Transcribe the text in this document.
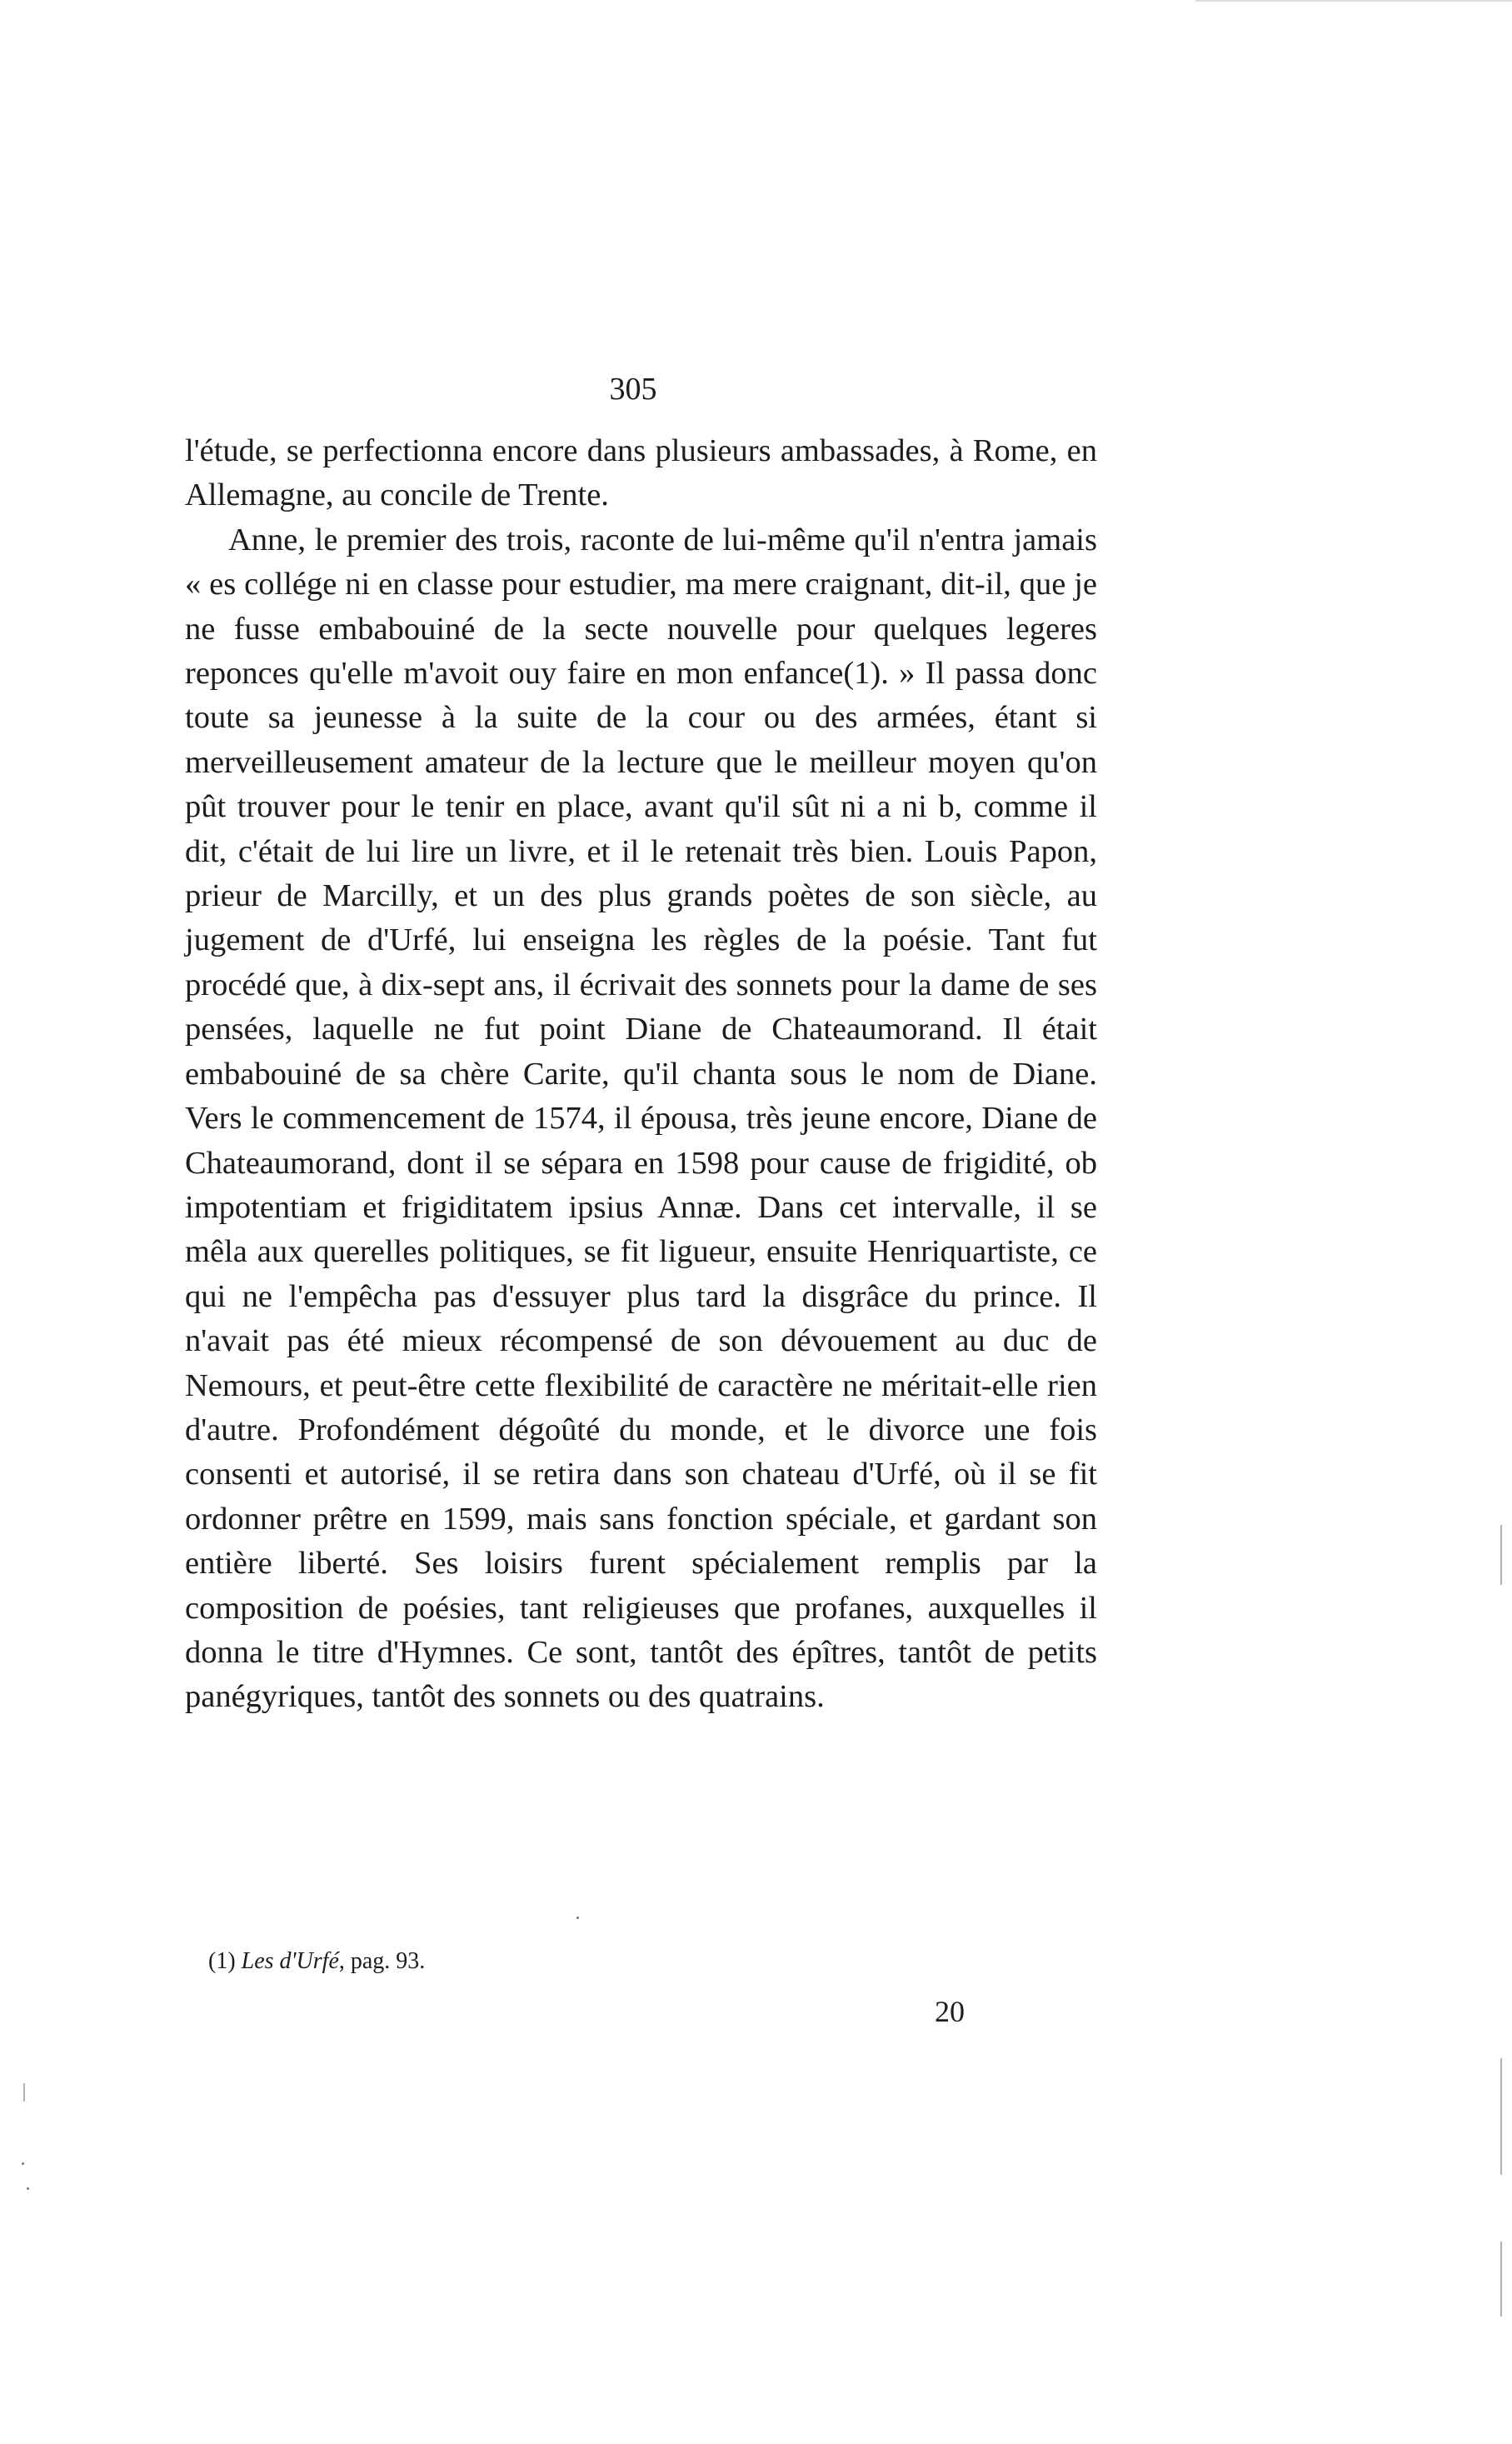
305

l'étude, se perfectionna encore dans plusieurs ambassades, à Rome, en Allemagne, au concile de Trente.

Anne, le premier des trois, raconte de lui-même qu'il n'entra jamais « es collége ni en classe pour estudier, ma mere craignant, dit-il, que je ne fusse embabouiné de la secte nouvelle pour quelques legeres reponces qu'elle m'avoit ouy faire en mon enfance(1). » Il passa donc toute sa jeunesse à la suite de la cour ou des armées, étant si merveilleusement amateur de la lecture que le meilleur moyen qu'on pût trouver pour le tenir en place, avant qu'il sût ni a ni b, comme il dit, c'était de lui lire un livre, et il le retenait très bien. Louis Papon, prieur de Marcilly, et un des plus grands poètes de son siècle, au jugement de d'Urfé, lui enseigna les règles de la poésie. Tant fut procédé que, à dix-sept ans, il écrivait des sonnets pour la dame de ses pensées, laquelle ne fut point Diane de Chateaumorand. Il était embabouiné de sa chère Carite, qu'il chanta sous le nom de Diane. Vers le commencement de 1574, il épousa, très jeune encore, Diane de Chateaumorand, dont il se sépara en 1598 pour cause de frigidité, ob impotentiam et frigiditatem ipsius Annæ. Dans cet intervalle, il se mêla aux querelles politiques, se fit ligueur, ensuite Henriquartiste, ce qui ne l'empêcha pas d'essuyer plus tard la disgrâce du prince. Il n'avait pas été mieux récompensé de son dévouement au duc de Nemours, et peut-être cette flexibilité de caractère ne méritait-elle rien d'autre. Profondément dégoûté du monde, et le divorce une fois consenti et autorisé, il se retira dans son chateau d'Urfé, où il se fit ordonner prêtre en 1599, mais sans fonction spéciale, et gardant son entière liberté. Ses loisirs furent spécialement remplis par la composition de poésies, tant religieuses que profanes, auxquelles il donna le titre d'Hymnes. Ce sont, tantôt des épîtres, tantôt de petits panégyriques, tantôt des sonnets ou des quatrains.

(1) Les d'Urfé, pag. 93.
20
